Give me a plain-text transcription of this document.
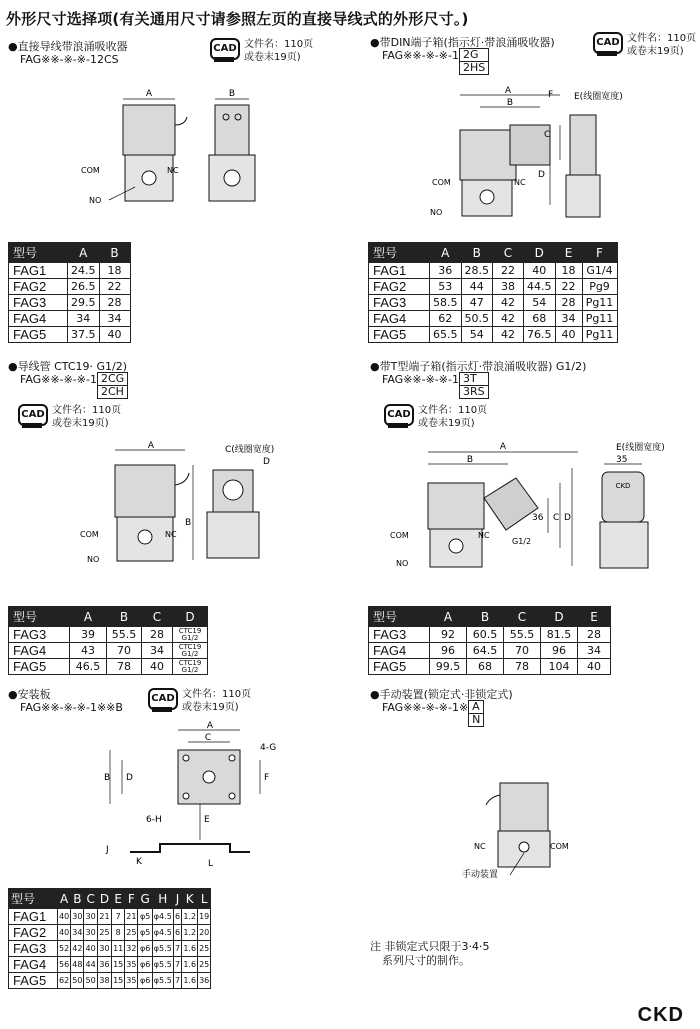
外形尺寸选择项(有关通用尺寸请参照左页的直接导线式的外形尺寸。)
●直接导线带浪涌吸收器
FAG※※-※-※-12CS
CAD 文件名：110页
或卷末19页)
A
COM	NC
NO
B
型号	A	B
FAG1	24.5	18
FAG2	26.5	22
FAG3	29.5	28
FAG4	34	34
FAG5	37.5	40
●带DIN端子箱(指示灯·带浪涌吸收器)
FAG※※-※-※-1 2G
2HS
CAD 文件名：110页
或卷末19页)
A
B
F E(线圈宽度)
COM	NC
NO
C
D
型号	A	B	C	D	E	F
FAG1	36	28.5	22	40	18	G1/4
FAG2	53	44	38	44.5	22	Pg9
FAG3	58.5	47	42	54	28	Pg11
FAG4	62	50.5	42	68	34	Pg11
FAG5	65.5	54	42	76.5	40	Pg11
●导线管 CTC19· G1/2)
FAG※※-※-※-1 2CG
2CH
CAD 文件名：110页
或卷末19页)
A
COM	NC
NO
B
C(线圈宽度)
D
型号	A	B	C	D
FAG3	39	55.5	28	CTC19 G1/2
FAG4	43	70	34	CTC19 G1/2
FAG5	46.5	78	40	CTC19 G1/2
●带T型端子箱(指示灯·带浪涌吸收器) G1/2)
FAG※※-※-※-1 3T
3RS
CAD 文件名：110页
或卷末19页)
A
B
COM	NC
NO
G1/2
36 C D
E(线圈宽度)
35
CKD
型号	A	B	C	D	E
FAG3	92	60.5	55.5	81.5	28
FAG4	96	64.5	70	96	34
FAG5	99.5	68	78	104	40
●安装板
FAG※※-※-※-1※※B
CAD 文件名：110页
或卷末19页)
A
C
4-G
B D	F
6-H	E
J
K	L
型号	A	B	C	D	E	F	G	H	J	K	L
FAG1	40	30	30	21	7	21	φ5	φ4.5	6	1.2	19
FAG2	40	34	30	25	8	25	φ5	φ4.5	6	1.2	20
FAG3	52	42	40	30	11	32	φ6	φ5.5	7	1.6	25
FAG4	56	48	44	36	15	35	φ6	φ5.5	7	1.6	25
FAG5	62	50	50	38	15	35	φ6	φ5.5	7	1.6	36
●手动装置(锁定式·非锁定式)
FAG※※-※-※-1※ A
N
NC	COM
手动装置
注 非锁定式只限于3·4·5
系列尺寸的制作。
CKD
